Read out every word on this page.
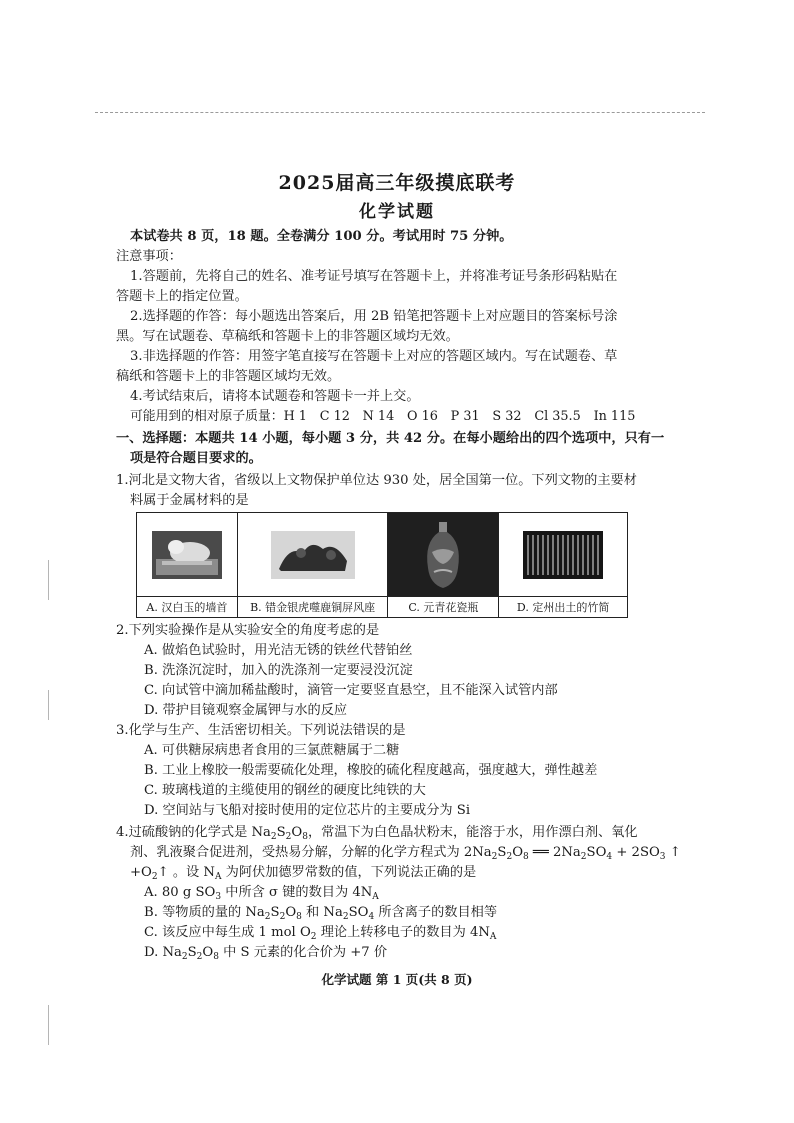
2025届高三年级摸底联考
化学试题
本试卷共 8 页，18 题。全卷满分 100 分。考试用时 75 分钟。
注意事项：
1.答题前，先将自己的姓名、准考证号填写在答题卡上，并将准考证号条形码粘贴在
答题卡上的指定位置。
2.选择题的作答：每小题选出答案后，用 2B 铅笔把答题卡上对应题目的答案标号涂
黑。写在试题卷、草稿纸和答题卡上的非答题区域均无效。
3.非选择题的作答：用签字笔直接写在答题卡上对应的答题区域内。写在试题卷、草
稿纸和答题卡上的非答题区域均无效。
4.考试结束后，请将本试题卷和答题卡一并上交。
可能用到的相对原子质量：H 1　C 12　N 14　O 16　P 31　S 32　Cl 35.5　In 115
一、选择题：本题共 14 小题，每小题 3 分，共 42 分。在每小题给出的四个选项中，只有一
项是符合题目要求的。
1.河北是文物大省，省级以上文物保护单位达 930 处，居全国第一位。下列文物的主要材
料属于金属材料的是
A. 汉白玉的墙首	B. 错金银虎噬鹿铜屏风座	C. 元青花瓷瓶	D. 定州出土的竹简
2.下列实验操作是从实验安全的角度考虑的是
A. 做焰色试验时，用光洁无锈的铁丝代替铂丝
B. 洗涤沉淀时，加入的洗涤剂一定要浸没沉淀
C. 向试管中滴加稀盐酸时，滴管一定要竖直悬空，且不能深入试管内部
D. 带护目镜观察金属钾与水的反应
3.化学与生产、生活密切相关。下列说法错误的是
A. 可供糖尿病患者食用的三氯蔗糖属于二糖
B. 工业上橡胶一般需要硫化处理，橡胶的硫化程度越高，强度越大，弹性越差
C. 玻璃栈道的主缆使用的钢丝的硬度比纯铁的大
D. 空间站与飞船对接时使用的定位芯片的主要成分为 Si
4.过硫酸钠的化学式是 $Na_2S_2O_8$，常温下为白色晶状粉末，能溶于水，用作漂白剂、氧化
剂、乳液聚合促进剂，受热易分解，分解的化学方程式为 $2Na_2S_2O_8$ ══ $2Na_2SO_4 + 2SO_3$ ↑
$+O_2↑$ 。设 $N_A$ 为阿伏加德罗常数的值，下列说法正确的是
A. 80 g $SO_3$ 中所含 σ 键的数目为 $4N_A$
B. 等物质的量的 $Na_2S_2O_8$ 和 $Na_2SO_4$ 所含离子的数目相等
C. 该反应中每生成 1 mol $O_2$ 理论上转移电子的数目为 $4N_A$
D. $Na_2S_2O_8$ 中 S 元素的化合价为 +7 价
化学试题 第 1 页(共 8 页)
